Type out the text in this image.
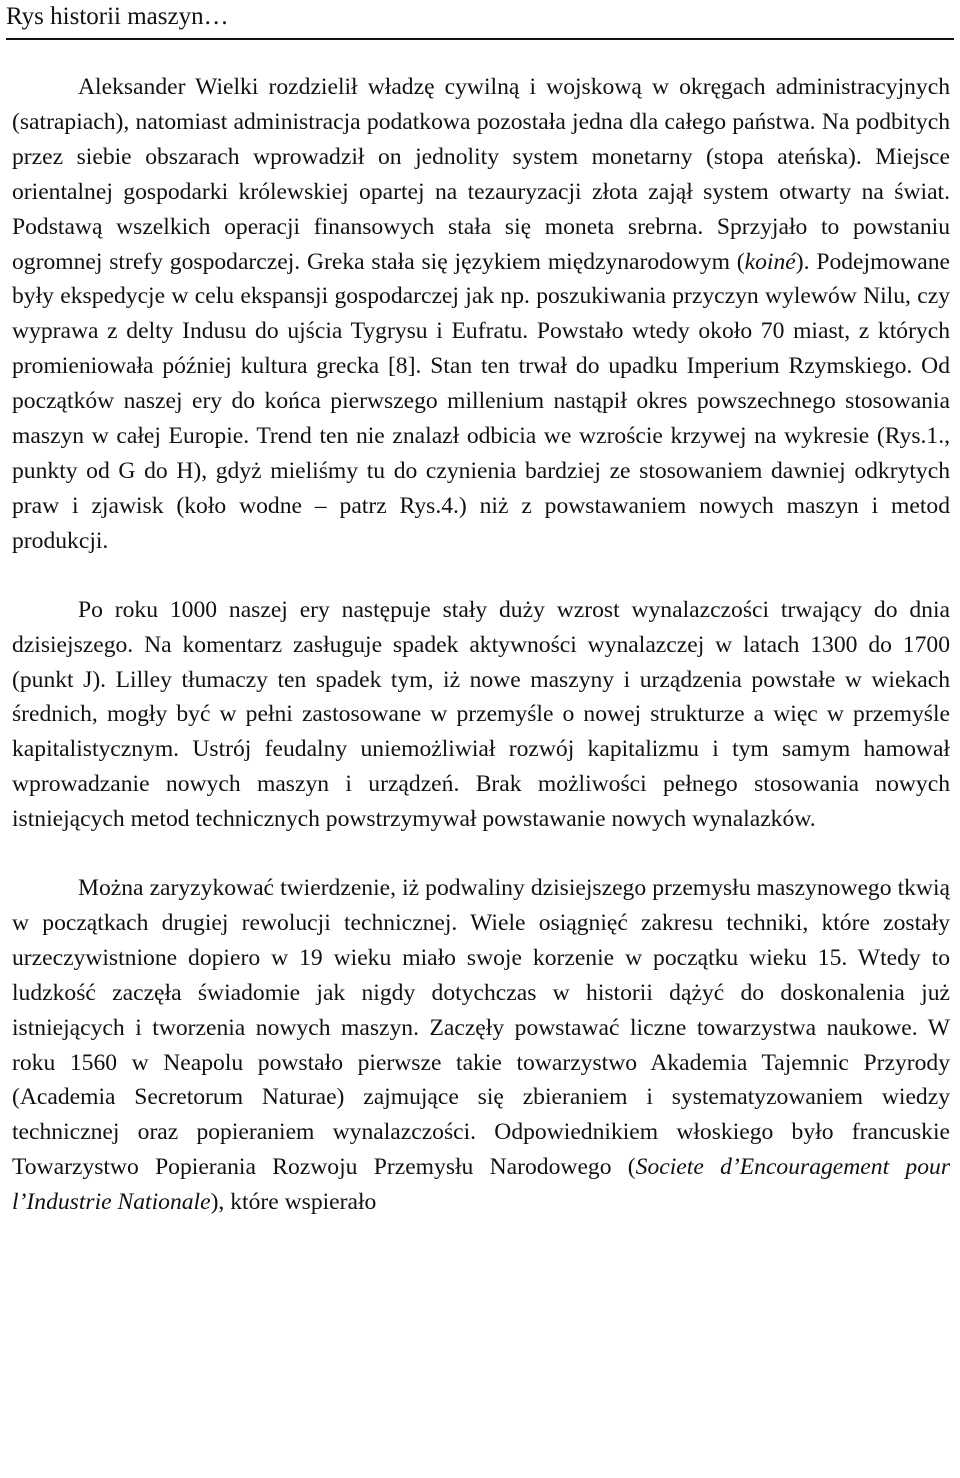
Rys historii maszyn…

Aleksander Wielki rozdzielił władzę cywilną i wojskową w okręgach administracyjnych (satrapiach), natomiast administracja podatkowa pozostała jedna dla całego państwa. Na podbitych przez siebie obszarach wprowadził on jednolity system monetarny (stopa ateńska). Miejsce orientalnej gospodarki królewskiej opartej na tezauryzacji złota zajął system otwarty na świat. Podstawą wszelkich operacji finansowych stała się moneta srebrna. Sprzyjało to powstaniu ogromnej strefy gospodarczej. Greka stała się językiem międzynarodowym (koiné). Podejmowane były ekspedycje w celu ekspansji gospodarczej jak np. poszukiwania przyczyn wylewów Nilu, czy wyprawa z delty Indusu do ujścia Tygrysu i Eufratu. Powstało wtedy około 70 miast, z których promieniowała później kultura grecka [8]. Stan ten trwał do upadku Imperium Rzymskiego. Od początków naszej ery do końca pierwszego millenium nastąpił okres powszechnego stosowania maszyn w całej Europie. Trend ten nie znalazł odbicia we wzroście krzywej na wykresie (Rys.1., punkty od G do H), gdyż mieliśmy tu do czynienia bardziej ze stosowaniem dawniej odkrytych praw i zjawisk (koło wodne – patrz Rys.4.) niż z powstawaniem nowych maszyn i metod produkcji.

Po roku 1000 naszej ery następuje stały duży wzrost wynalazczości trwający do dnia dzisiejszego. Na komentarz zasługuje spadek aktywności wynalazczej w latach 1300 do 1700 (punkt J). Lilley tłumaczy ten spadek tym, iż nowe maszyny i urządzenia powstałe w wiekach średnich, mogły być w pełni zastosowane w przemyśle o nowej strukturze a więc w przemyśle kapitalistycznym. Ustrój feudalny uniemożliwiał rozwój kapitalizmu i tym samym hamował wprowadzanie nowych maszyn i urządzeń. Brak możliwości pełnego stosowania nowych istniejących metod technicznych powstrzymywał powstawanie nowych wynalazków.

Można zaryzykować twierdzenie, iż podwaliny dzisiejszego przemysłu maszynowego tkwią w początkach drugiej rewolucji technicznej. Wiele osiągnięć zakresu techniki, które zostały urzeczywistnione dopiero w 19 wieku miało swoje korzenie w początku wieku 15. Wtedy to ludzkość zaczęła świadomie jak nigdy dotychczas w historii dążyć do doskonalenia już istniejących i tworzenia nowych maszyn. Zaczęły powstawać liczne towarzystwa naukowe. W roku 1560 w Neapolu powstało pierwsze takie towarzystwo Akademia Tajemnic Przyrody (Academia Secretorum Naturae) zajmujące się zbieraniem i systematyzowaniem wiedzy technicznej oraz popieraniem wynalazczości. Odpowiednikiem włoskiego było francuskie Towarzystwo Popierania Rozwoju Przemysłu Narodowego (Societe d’Encouragement pour l’Industrie Nationale), które wspierało
